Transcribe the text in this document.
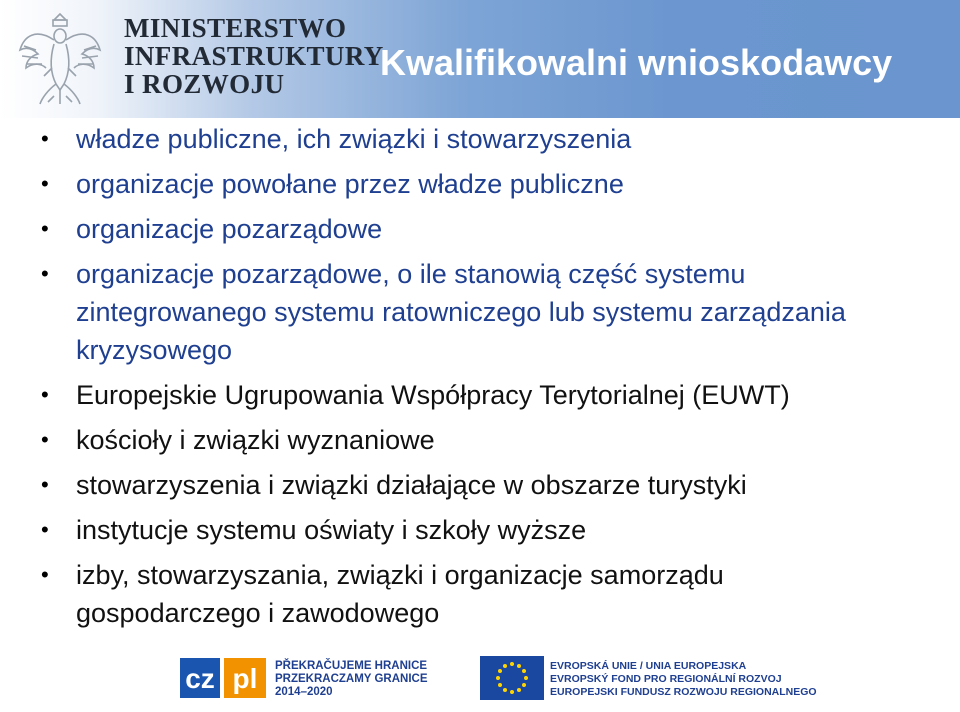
MINISTERSTWO
INFRASTRUKTURY
I ROZWOJU
Kwalifikowalni wnioskodawcy
• władze publiczne, ich związki i stowarzyszenia
• organizacje powołane przez władze publiczne
• organizacje pozarządowe
• organizacje pozarządowe, o ile stanowią część systemu zintegrowanego systemu ratowniczego lub systemu zarządzania kryzysowego
• Europejskie Ugrupowania Współpracy Terytorialnej (EUWT)
• kościoły i związki wyznaniowe
• stowarzyszenia i związki działające w obszarze turystyki
• instytucje systemu oświaty i szkoły wyższe
• izby, stowarzyszania, związki i organizacje samorządu gospodarczego i zawodowego
cz pl PŘEKRAČUJEME HRANICE
PRZEKRACZAMY GRANICE
2014–2020
EVROPSKÁ UNIE / UNIA EUROPEJSKA
EVROPSKÝ FOND PRO REGIONÁLNÍ ROZVOJ
EUROPEJSKI FUNDUSZ ROZWOJU REGIONALNEGO
